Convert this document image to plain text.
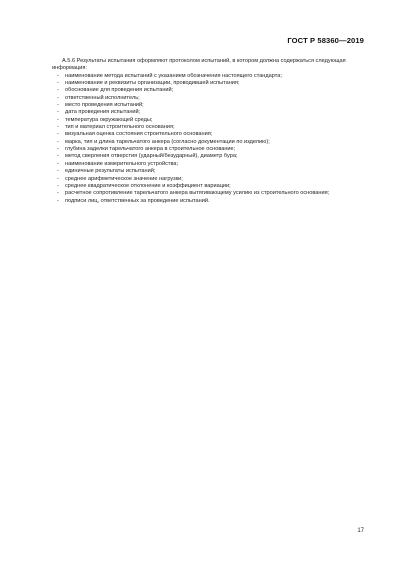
ГОСТ Р 58360—2019

А.5.6 Результаты испытания оформляют протоколом испытаний, в котором должна содержаться следующая информация:

- наименование метода испытаний с указанием обозначения настоящего стандарта;
- наименование и реквизиты организации, проводившей испытания;
- обоснование для проведения испытаний;
- ответственный исполнитель;
- место проведения испытаний;
- дата проведения испытаний;
- температура окружающей среды;
- тип и материал строительного основания;
- визуальная оценка состояния строительного основания;
- марка, тип и длина тарельчатого анкера (согласно документации по изделию);
- глубина заделки тарельчатого анкера в строительное основание;
- метод сверления отверстия (ударный/безударный), диаметр бура;
- наименование измерительного устройства;
- единичные результаты испытаний;
- среднее арифметическое значение нагрузки;
- среднее квадратическое отклонение и коэффициент вариации;
- расчетное сопротивление тарельчатого анкера вытягивающему усилию из строительного основания;
- подписи лиц, ответственных за проведение испытаний.
17
